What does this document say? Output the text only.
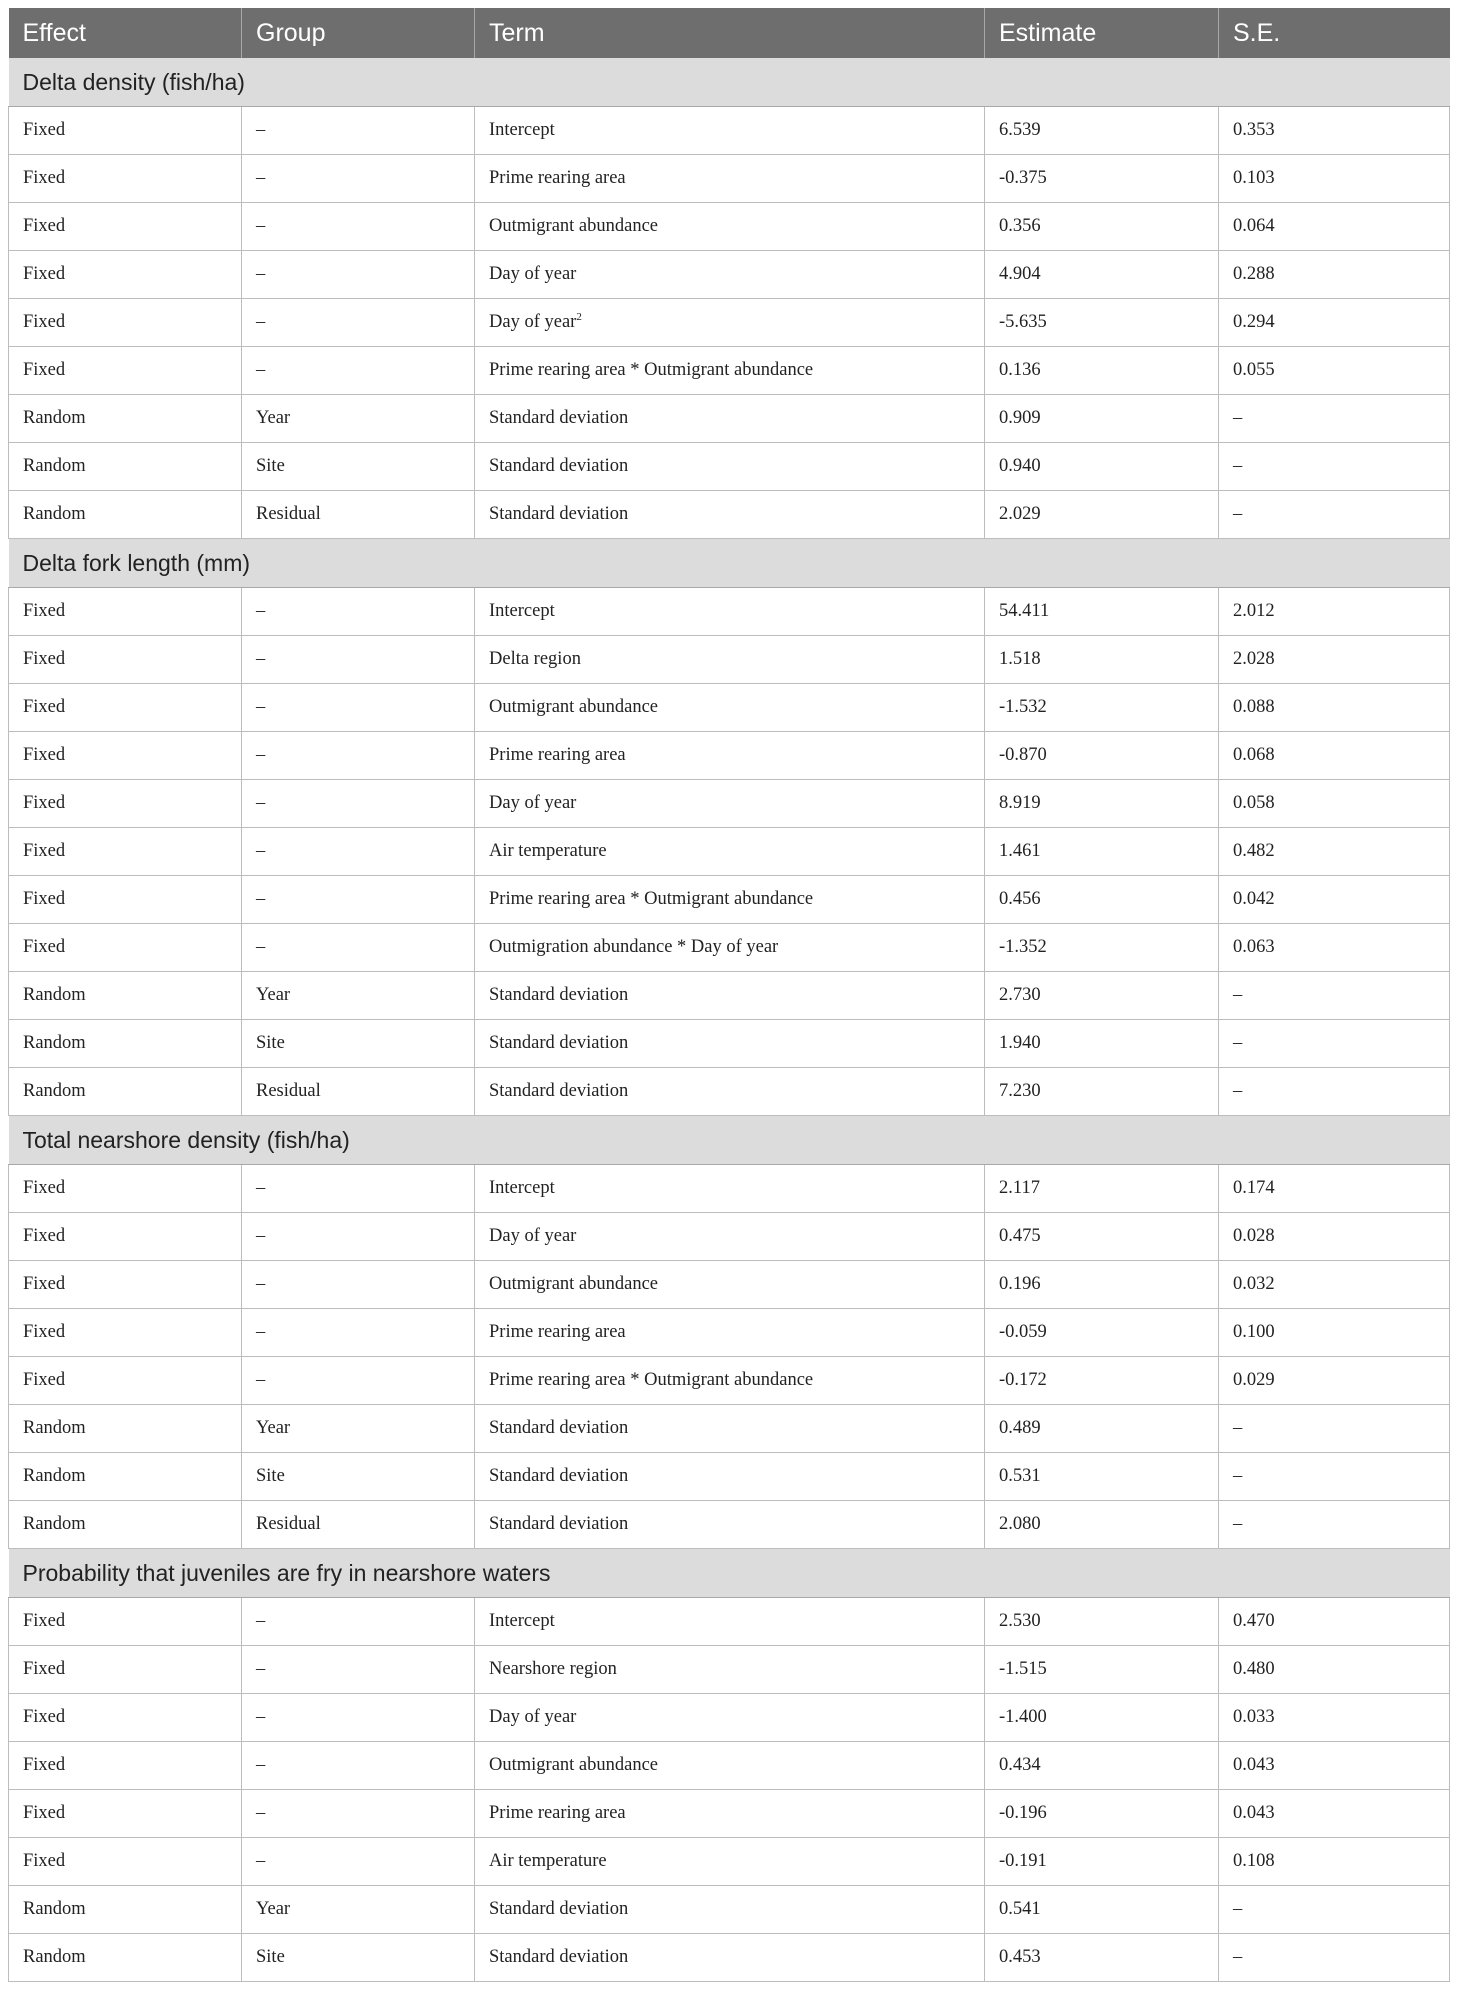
Effect	Group	Term	Estimate	S.E.
Delta density (fish/ha)				
Fixed	–	Intercept	6.539	0.353
Fixed	–	Prime rearing area	-0.375	0.103
Fixed	–	Outmigrant abundance	0.356	0.064
Fixed	–	Day of year	4.904	0.288
Fixed	–	Day of year$^2$	-5.635	0.294
Fixed	–	Prime rearing area * Outmigrant abundance	0.136	0.055
Random	Year	Standard deviation	0.909	–
Random	Site	Standard deviation	0.940	–
Random	Residual	Standard deviation	2.029	–
Delta fork length (mm)				
Fixed	–	Intercept	54.411	2.012
Fixed	–	Delta region	1.518	2.028
Fixed	–	Outmigrant abundance	-1.532	0.088
Fixed	–	Prime rearing area	-0.870	0.068
Fixed	–	Day of year	8.919	0.058
Fixed	–	Air temperature	1.461	0.482
Fixed	–	Prime rearing area * Outmigrant abundance	0.456	0.042
Fixed	–	Outmigration abundance * Day of year	-1.352	0.063
Random	Year	Standard deviation	2.730	–
Random	Site	Standard deviation	1.940	–
Random	Residual	Standard deviation	7.230	–
Total nearshore density (fish/ha)				
Fixed	–	Intercept	2.117	0.174
Fixed	–	Day of year	0.475	0.028
Fixed	–	Outmigrant abundance	0.196	0.032
Fixed	–	Prime rearing area	-0.059	0.100
Fixed	–	Prime rearing area * Outmigrant abundance	-0.172	0.029
Random	Year	Standard deviation	0.489	–
Random	Site	Standard deviation	0.531	–
Random	Residual	Standard deviation	2.080	–
Probability that juveniles are fry in nearshore waters				
Fixed	–	Intercept	2.530	0.470
Fixed	–	Nearshore region	-1.515	0.480
Fixed	–	Day of year	-1.400	0.033
Fixed	–	Outmigrant abundance	0.434	0.043
Fixed	–	Prime rearing area	-0.196	0.043
Fixed	–	Air temperature	-0.191	0.108
Random	Year	Standard deviation	0.541	–
Random	Site	Standard deviation	0.453	–
